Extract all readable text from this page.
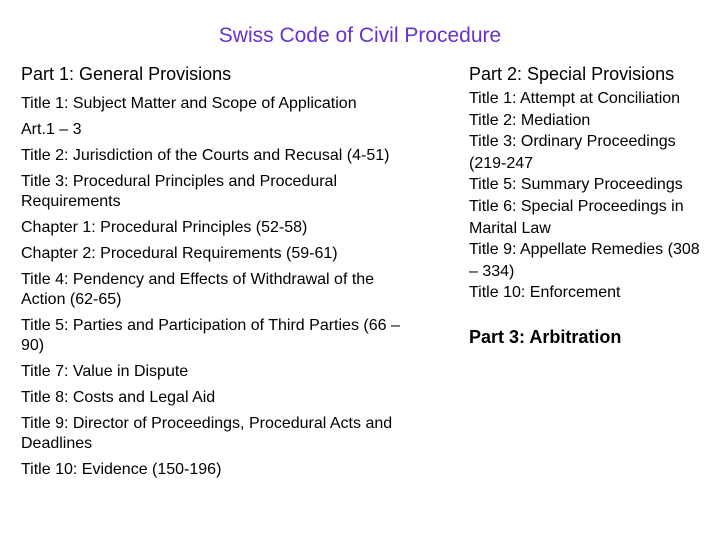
Swiss Code of Civil Procedure
Part 1: General Provisions
Title 1: Subject Matter and Scope of Application
Art.1 – 3
Title 2: Jurisdiction of the Courts and Recusal (4-51)
Title 3: Procedural Principles and Procedural Requirements
Chapter 1: Procedural Principles (52-58)
Chapter 2: Procedural Requirements (59-61)
Title 4: Pendency and Effects of Withdrawal of the Action (62-65)
Title 5: Parties and Participation of Third Parties (66 – 90)
Title 7: Value in Dispute
Title 8: Costs and Legal Aid
Title 9: Director of Proceedings, Procedural Acts and Deadlines
Title 10: Evidence (150-196)
Part 2: Special Provisions
Title 1: Attempt at Conciliation
Title 2: Mediation
Title 3: Ordinary Proceedings (219-247
Title 5: Summary Proceedings
Title 6: Special Proceedings in Marital Law
Title 9: Appellate Remedies (308 – 334)
Title 10: Enforcement
Part 3: Arbitration
